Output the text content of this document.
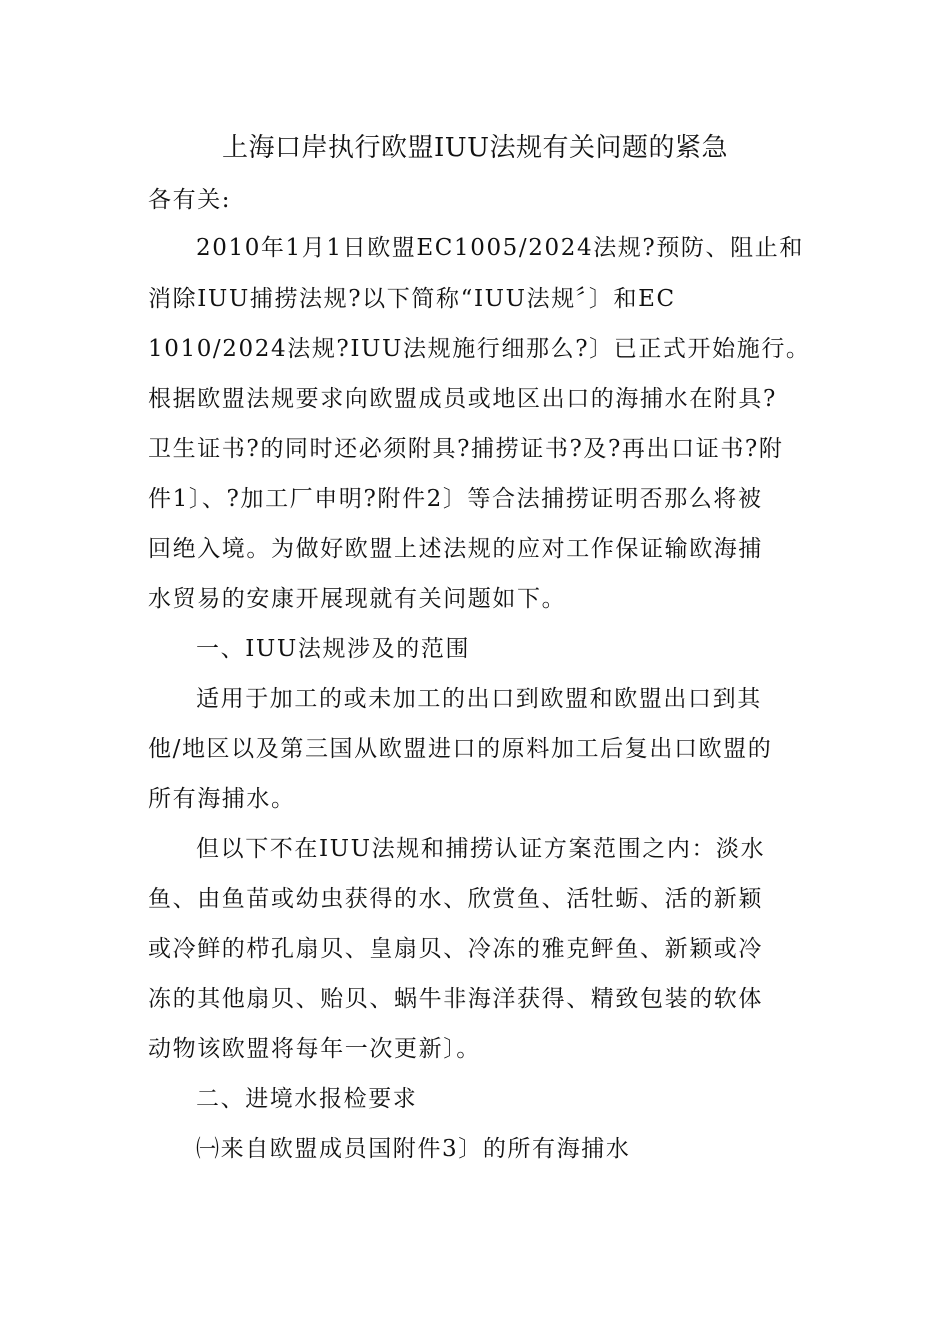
上海口岸执行欧盟IUU法规有关问题的紧急
各有关:
2010年1月1日欧盟EC1005/2024法规?预防、阻止和
消除IUU捕捞法规?以下简称“IUU法规〞〕和EC
1010/2024法规?IUU法规施行细那么?〕已正式开始施行。
根据欧盟法规要求向欧盟成员或地区出口的海捕水在附具?
卫生证书?的同时还必须附具?捕捞证书?及?再出口证书?附
件1〕、?加工厂申明?附件2〕等合法捕捞证明否那么将被
回绝入境。为做好欧盟上述法规的应对工作保证输欧海捕
水贸易的安康开展现就有关问题如下。
一、IUU法规涉及的范围
适用于加工的或未加工的出口到欧盟和欧盟出口到其
他/地区以及第三国从欧盟进口的原料加工后复出口欧盟的
所有海捕水。
但以下不在IUU法规和捕捞认证方案范围之内：淡水
鱼、由鱼苗或幼虫获得的水、欣赏鱼、活牡蛎、活的新颖
或冷鲜的栉孔扇贝、皇扇贝、冷冻的雅克鲆鱼、新颖或冷
冻的其他扇贝、贻贝、蜗牛非海洋获得、精致包装的软体
动物该欧盟将每年一次更新〕。
二、进境水报检要求
㈠来自欧盟成员国附件3〕的所有海捕水
